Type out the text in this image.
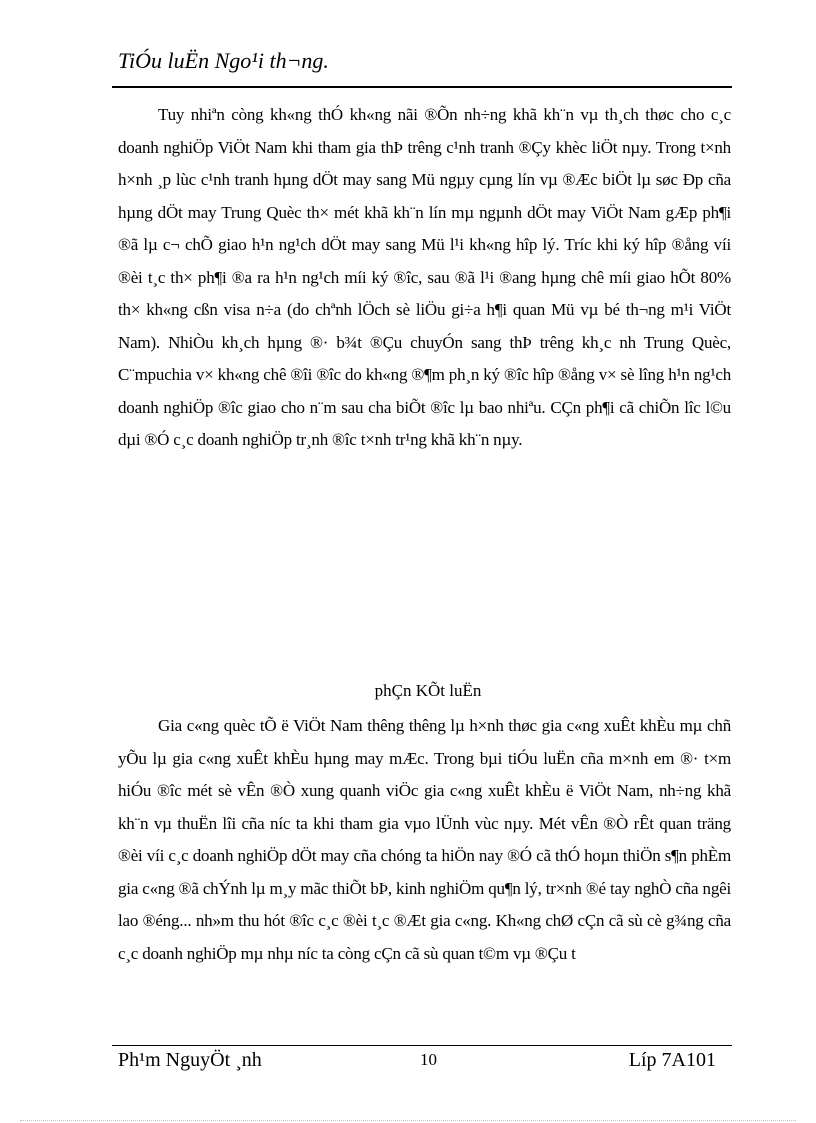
TiÓu luËn Ngo¹i th¬ng.

Tuy nhiªn còng kh«ng thÓ kh«ng nãi ®Õn nh÷ng khã kh¨n vµ th¸ch thøc cho c¸c doanh nghiÖp ViÖt Nam khi tham gia thÞ trêng c¹nh tranh ®Çy khèc liÖt nµy. Trong t×nh h×nh ¸p lùc c¹nh tranh hµng dÖt may sang Mü ngµy cµng lín vµ ®Æc biÖt lµ søc Ðp cña hµng dÖt may Trung Quèc th× mét khã kh¨n lín mµ ngµnh dÖt may ViÖt Nam gÆp ph¶i ®ã lµ c¬ chÕ giao h¹n ng¹ch dÖt may sang Mü l¹i kh«ng hîp lý. Tríc khi ký hîp ®ång víi ®èi t¸c th× ph¶i ®a ra h¹n ng¹ch míi ký ®îc, sau ®ã l¹i ®ang hµng chê míi giao hÕt 80% th× kh«ng cßn visa n÷a (do chªnh lÖch sè liÖu gi÷a h¶i quan Mü vµ bé th¬ng m¹i ViÖt Nam). NhiÒu kh¸ch hµng ®· b¾t ®Çu chuyÓn sang thÞ trêng kh¸c nh Trung Quèc, C¨mpuchia v× kh«ng chê ®îi ®îc do kh«ng ®¶m ph¸n ký ®îc hîp ®ång v× sè lîng h¹n ng¹ch doanh nghiÖp ®îc giao cho n¨m sau cha biÕt ®îc lµ bao nhiªu. CÇn ph¶i cã chiÕn lîc l©u dµi ®Ó c¸c doanh nghiÖp tr¸nh ®îc t×nh tr¹ng khã kh¨n nµy.

phÇn KÕt luËn

Gia c«ng quèc tÕ ë ViÖt Nam thêng thêng lµ h×nh thøc gia c«ng xuÊt khÈu mµ chñ yÕu lµ gia c«ng xuÊt khÈu hµng may mÆc. Trong bµi tiÓu luËn cña m×nh em ®· t×m hiÓu ®îc mét sè vÊn ®Ò xung quanh viÖc gia c«ng xuÊt khÈu ë ViÖt Nam, nh÷ng khã kh¨n vµ thuËn lîi cña níc ta khi tham gia vµo lÜnh vùc nµy. Mét vÊn ®Ò rÊt quan träng ®èi víi c¸c doanh nghiÖp dÖt may cña chóng ta hiÖn nay ®Ó cã thÓ hoµn thiÖn s¶n phÈm gia c«ng ®ã chÝnh lµ m¸y mãc thiÕt bÞ, kinh nghiÖm qu¶n lý, tr×nh ®é tay nghÒ cña ngêi lao ®éng... nh»m thu hót ®îc c¸c ®èi t¸c ®Æt gia c«ng. Kh«ng chØ cÇn cã sù cè g¾ng cña c¸c doanh nghiÖp mµ nhµ níc ta còng cÇn cã sù quan t©m vµ ®Çu t

Ph¹m NguyÖt ¸nh	10	Líp 7A101
